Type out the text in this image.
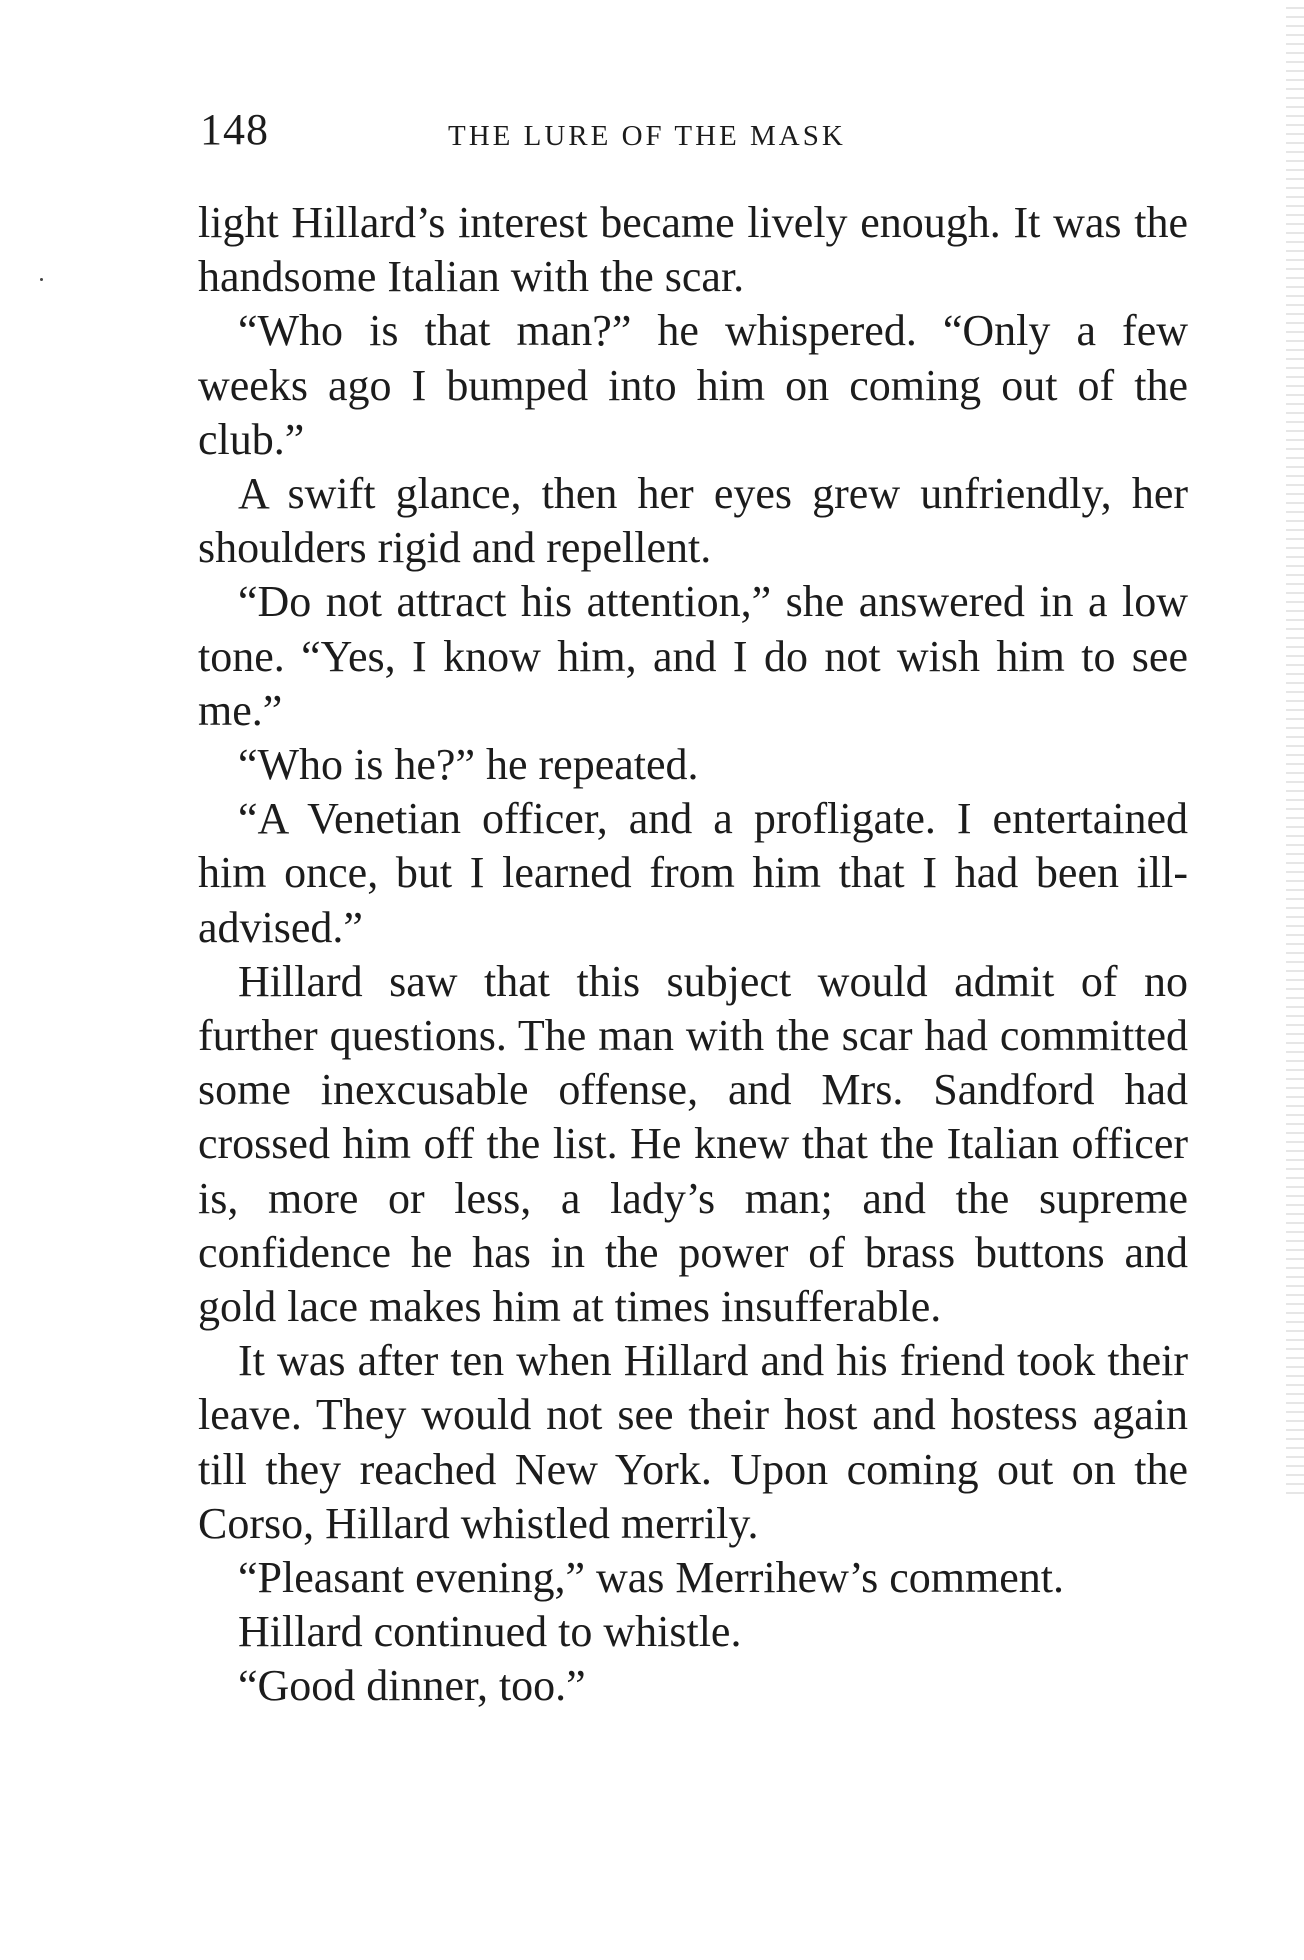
148	THE LURE OF THE MASK

light Hillard’s interest became lively enough. It was the handsome Italian with the scar.

“Who is that man?” he whispered. “Only a few weeks ago I bumped into him on coming out of the club.”

A swift glance, then her eyes grew unfriendly, her shoulders rigid and repellent.

“Do not attract his attention,” she answered in a low tone. “Yes, I know him, and I do not wish him to see me.”

“Who is he?” he repeated.

“A Venetian officer, and a profligate. I entertained him once, but I learned from him that I had been ill-advised.”

Hillard saw that this subject would admit of no further questions. The man with the scar had committed some inexcusable offense, and Mrs. Sandford had crossed him off the list. He knew that the Italian officer is, more or less, a lady’s man; and the supreme confidence he has in the power of brass buttons and gold lace makes him at times insufferable.

It was after ten when Hillard and his friend took their leave. They would not see their host and hostess again till they reached New York. Upon coming out on the Corso, Hillard whistled merrily.

“Pleasant evening,” was Merrihew’s comment.

Hillard continued to whistle.

“Good dinner, too.”
